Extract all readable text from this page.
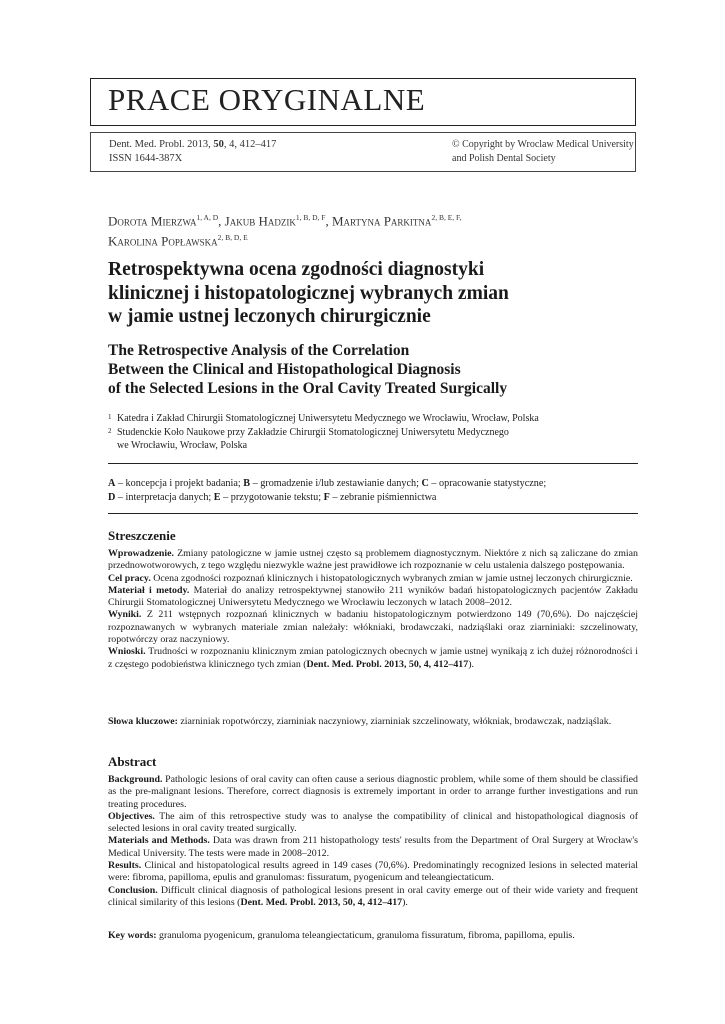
PRACE ORYGINALNE
Dent. Med. Probl. 2013, 50, 4, 412–417
ISSN 1644-387X
© Copyright by Wroclaw Medical University
and Polish Dental Society
Dorota Mierzwa$^{1, A, D}$, Jakub Hadzik$^{1, B, D, F}$, Martyna Parkitna$^{2, B, E, F,}$
Karolina Popławska$^{2, B, D, E}$
Retrospektywna ocena zgodności diagnostyki
klinicznej i histopatologicznej wybranych zmian
w jamie ustnej leczonych chirurgicznie
The Retrospective Analysis of the Correlation
Between the Clinical and Histopathological Diagnosis
of the Selected Lesions in the Oral Cavity Treated Surgically
1 Katedra i Zakład Chirurgii Stomatologicznej Uniwersytetu Medycznego we Wrocławiu, Wrocław, Polska
2 Studenckie Koło Naukowe przy Zakładzie Chirurgii Stomatologicznej Uniwersytetu Medycznego
we Wrocławiu, Wrocław, Polska
A – koncepcja i projekt badania; B – gromadzenie i/lub zestawianie danych; C – opracowanie statystyczne;
D – interpretacja danych; E – przygotowanie tekstu; F – zebranie piśmiennictwa
Streszczenie

Wprowadzenie. Zmiany patologiczne w jamie ustnej często są problemem diagnostycznym. Niektóre z nich są zaliczane do zmian przednowotworowych, z tego względu niezwykle ważne jest prawidłowe ich rozpoznanie w celu ustalenia dalszego postępowania.

Cel pracy. Ocena zgodności rozpoznań klinicznych i histopatologicznych wybranych zmian w jamie ustnej leczonych chirurgicznie.

Materiał i metody. Materiał do analizy retrospektywnej stanowiło 211 wyników badań histopatologicznych pacjentów Zakładu Chirurgii Stomatologicznej Uniwersytetu Medycznego we Wrocławiu leczonych w latach 2008–2012.

Wyniki. Z 211 wstępnych rozpoznań klinicznych w badaniu histopatologicznym potwierdzono 149 (70,6%). Do najczęściej rozpoznawanych w wybranych materiale zmian należały: włókniaki, brodawczaki, nadziąślaki oraz ziarniniaki: szczelinowaty, ropotwórczy oraz naczyniowy.

Wnioski. Trudności w rozpoznaniu klinicznym zmian patologicznych obecnych w jamie ustnej wynikają z ich dużej różnorodności i z częstego podobieństwa klinicznego tych zmian (Dent. Med. Probl. 2013, 50, 4, 412–417).

Słowa kluczowe: ziarniniak ropotwórczy, ziarniniak naczyniowy, ziarniniak szczelinowaty, włókniak, brodawczak, nadziąślak.
Abstract

Background. Pathologic lesions of oral cavity can often cause a serious diagnostic problem, while some of them should be classified as the pre-malignant lesions. Therefore, correct diagnosis is extremely important in order to arrange further investigations and run treating procedures.

Objectives. The aim of this retrospective study was to analyse the compatibility of clinical and histopathological diagnosis of selected lesions in oral cavity treated surgically.

Materials and Methods. Data was drawn from 211 histopathology tests' results from the Department of Oral Surgery at Wrocław's Medical University. The tests were made in 2008–2012.

Results. Clinical and histopatological results agreed in 149 cases (70,6%). Predominatingly recognized lesions in selected material were: fibroma, papilloma, epulis and granulomas: fissuratum, pyogenicum and teleangiectaticum.

Conclusion. Difficult clinical diagnosis of pathological lesions present in oral cavity emerge out of their wide variety and frequent clinical similarity of this lesions (Dent. Med. Probl. 2013, 50, 4, 412–417).

Key words: granuloma pyogenicum, granuloma teleangiectaticum, granuloma fissuratum, fibroma, papilloma, epulis.
